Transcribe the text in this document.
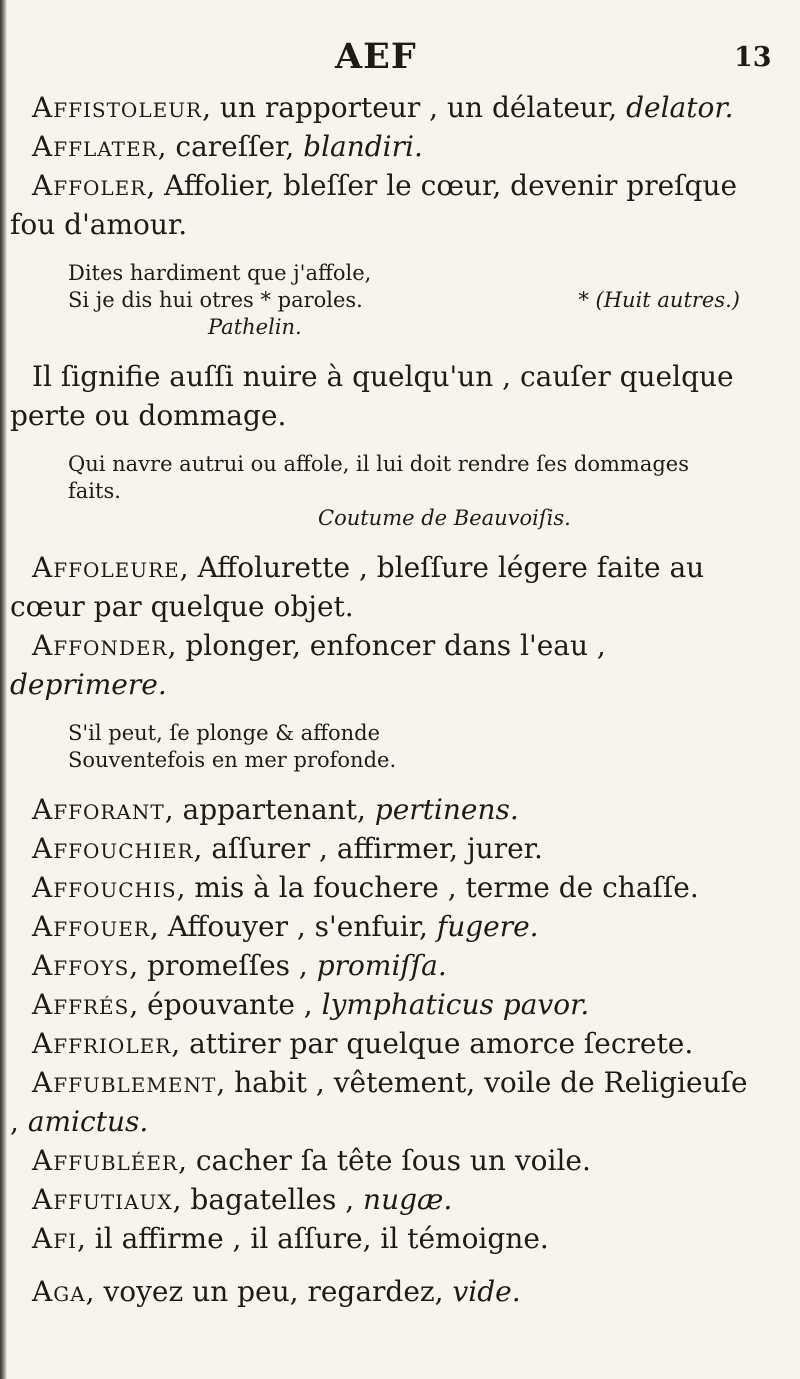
AEF	13
Affistoleur, un rapporteur , un délateur, delator.
Afflater, careſſer, blandiri.
Affoler, Affolier, bleſſer le cœur, devenir preſque fou d'amour.
Dites hardiment que j'affole,
Si je dis hui otres * paroles.	* (Huit autres.)
Pathelin.
Il ſignifie auſſi nuire à quelqu'un , cauſer quelque perte ou dommage.
Qui navre autrui ou affole, il lui doit rendre ſes dommages faits.
Coutume de Beauvoiſis.
Affoleure, Affolurette , bleſſure légere faite au cœur par quelque objet.
Affonder, plonger, enfoncer dans l'eau , deprimere.
S'il peut, ſe plonge & affonde
Souventefois en mer profonde.
Afforant, appartenant, pertinens.
Affouchier, aſſurer , affirmer, jurer.
Affouchis, mis à la fouchere , terme de chaſſe.
Affouer, Affouyer , s'enfuir, fugere.
Affoys, promeſſes , promiſſa.
Affrés, épouvante , lymphaticus pavor.
Affrioler, attirer par quelque amorce ſecrete.
Affublement, habit , vêtement, voile de Religieuſe , amictus.
Affubléer, cacher ſa tête ſous un voile.
Affutiaux, bagatelles , nugæ.
Afi, il affirme , il aſſure, il témoigne.
Aga, voyez un peu, regardez, vide.
